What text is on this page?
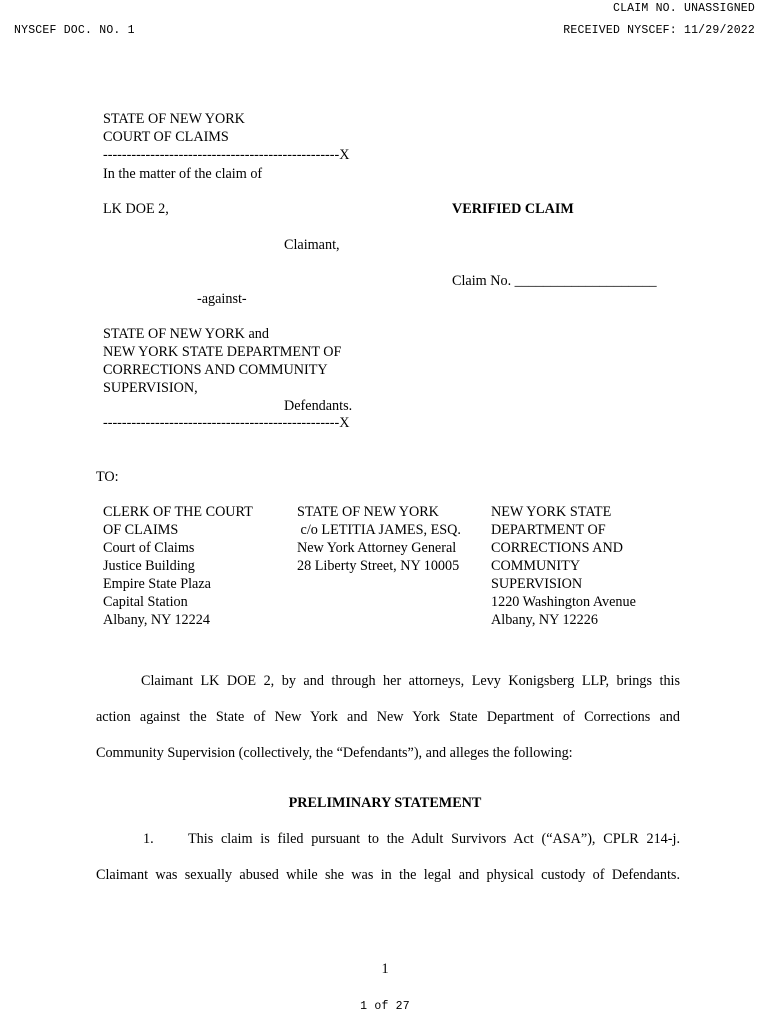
CLAIM NO. UNASSIGNED
NYSCEF DOC. NO. 1	RECEIVED NYSCEF: 11/29/2022
STATE OF NEW YORK
COURT OF CLAIMS
--------------------------------------------------X
In the matter of the claim of
LK DOE 2,	VERIFIED CLAIM
Claimant,
Claim No. ____________________
-against-
STATE OF NEW YORK and
NEW YORK STATE DEPARTMENT OF
CORRECTIONS AND COMMUNITY
SUPERVISION,
Defendants.
--------------------------------------------------X
TO:
CLERK OF THE COURT
OF CLAIMS
Court of Claims
Justice Building
Empire State Plaza
Capital Station
Albany, NY 12224
STATE OF NEW YORK
c/o LETITIA JAMES, ESQ.
New York Attorney General
28 Liberty Street, NY 10005
NEW YORK STATE
DEPARTMENT OF
CORRECTIONS AND
COMMUNITY
SUPERVISION
1220 Washington Avenue
Albany, NY 12226
Claimant LK DOE 2, by and through her attorneys, Levy Konigsberg LLP, brings this
action against the State of New York and New York State Department of Corrections and
Community Supervision (collectively, the “Defendants”), and alleges the following:
PRELIMINARY STATEMENT
1. This claim is filed pursuant to the Adult Survivors Act (“ASA”), CPLR 214-j.
Claimant was sexually abused while she was in the legal and physical custody of Defendants.
1
1 of 27
